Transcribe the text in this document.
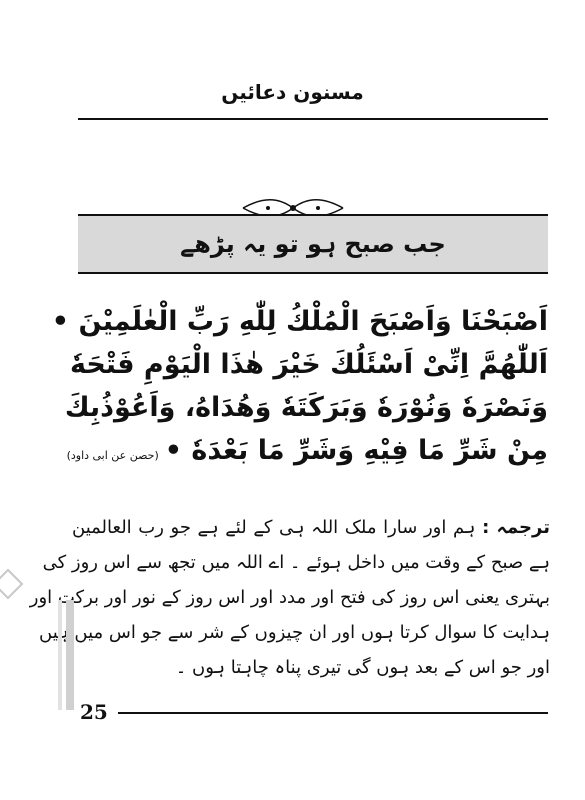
مسنون دعائیں
جب صبح ہو تو یہ پڑھے
اَصْبَحْنَا وَاَصْبَحَ الْمُلْكُ لِلّٰهِ رَبِّ الْعٰلَمِیْنَ •
اَللّٰهُمَّ اِنِّیْ اَسْئَلُكَ خَیْرَ هٰذَا الْیَوْمِ فَتْحَهٗ
وَنَصْرَهٗ وَنُوْرَهٗ وَبَرَكَتَهٗ وَهُدَاهُ، وَاَعُوْذُبِكَ
مِنْ شَرِّ مَا فِیْهِ وَشَرِّ مَا بَعْدَهٗ •(حصن عن ابی داود)
ترجمہ : ہم اور سارا ملک اللہ ہی کے لئے ہے جو رب العالمین
ہے صبح کے وقت میں داخل ہوئے ۔ اے اللہ میں تجھ سے اس روز کی
بہتری یعنی اس روز کی فتح اور مدد اور اس روز کے نور اور برکت اور
ہدایت کا سوال کرتا ہوں اور ان چیزوں کے شر سے جو اس میں ہیں
اور جو اس کے بعد ہوں گی تیری پناہ چاہتا ہوں ۔
25
